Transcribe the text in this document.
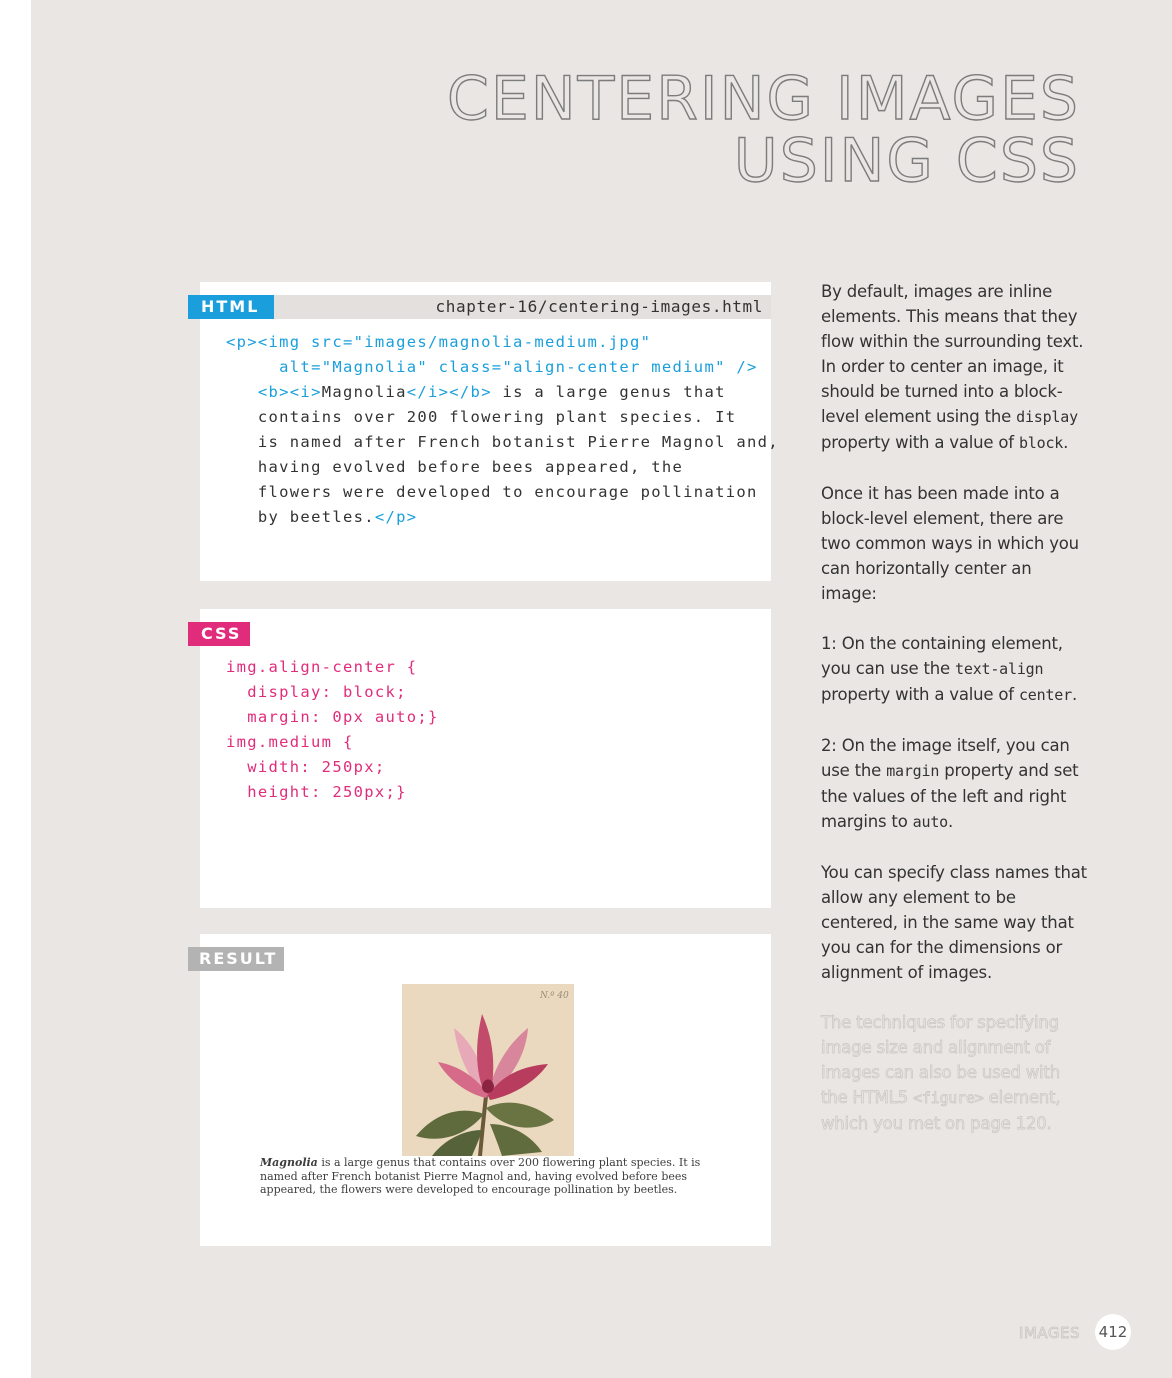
CENTERING IMAGES
USING CSS
HTML	chapter-16/centering-images.html
<p><img src="images/magnolia-medium.jpg"
alt="Magnolia" class="align-center medium" />
<b><i>Magnolia</i></b> is a large genus that
contains over 200 flowering plant species. It
is named after French botanist Pierre Magnol and,
having evolved before bees appeared, the
flowers were developed to encourage pollination
by beetles.</p>
CSS
img.align-center {
display: block;
margin: 0px auto;}
img.medium {
width: 250px;
height: 250px;}
RESULT
N.º 40
Magnolia is a large genus that contains over 200 flowering plant species. It is named after French botanist Pierre Magnol and, having evolved before bees appeared, the flowers were developed to encourage pollination by beetles.

By default, images are inline elements. This means that they flow within the surrounding text. In order to center an image, it should be turned into a block-level element using the display property with a value of block.

Once it has been made into a block-level element, there are two common ways in which you can horizontally center an image:

1: On the containing element, you can use the text-align property with a value of center.

2: On the image itself, you can use the margin property and set the values of the left and right margins to auto.

You can specify class names that allow any element to be centered, in the same way that you can for the dimensions or alignment of images.

The techniques for specifying image size and alignment of images can also be used with the HTML5 <figure> element, which you met on page 120.

IMAGES 412
